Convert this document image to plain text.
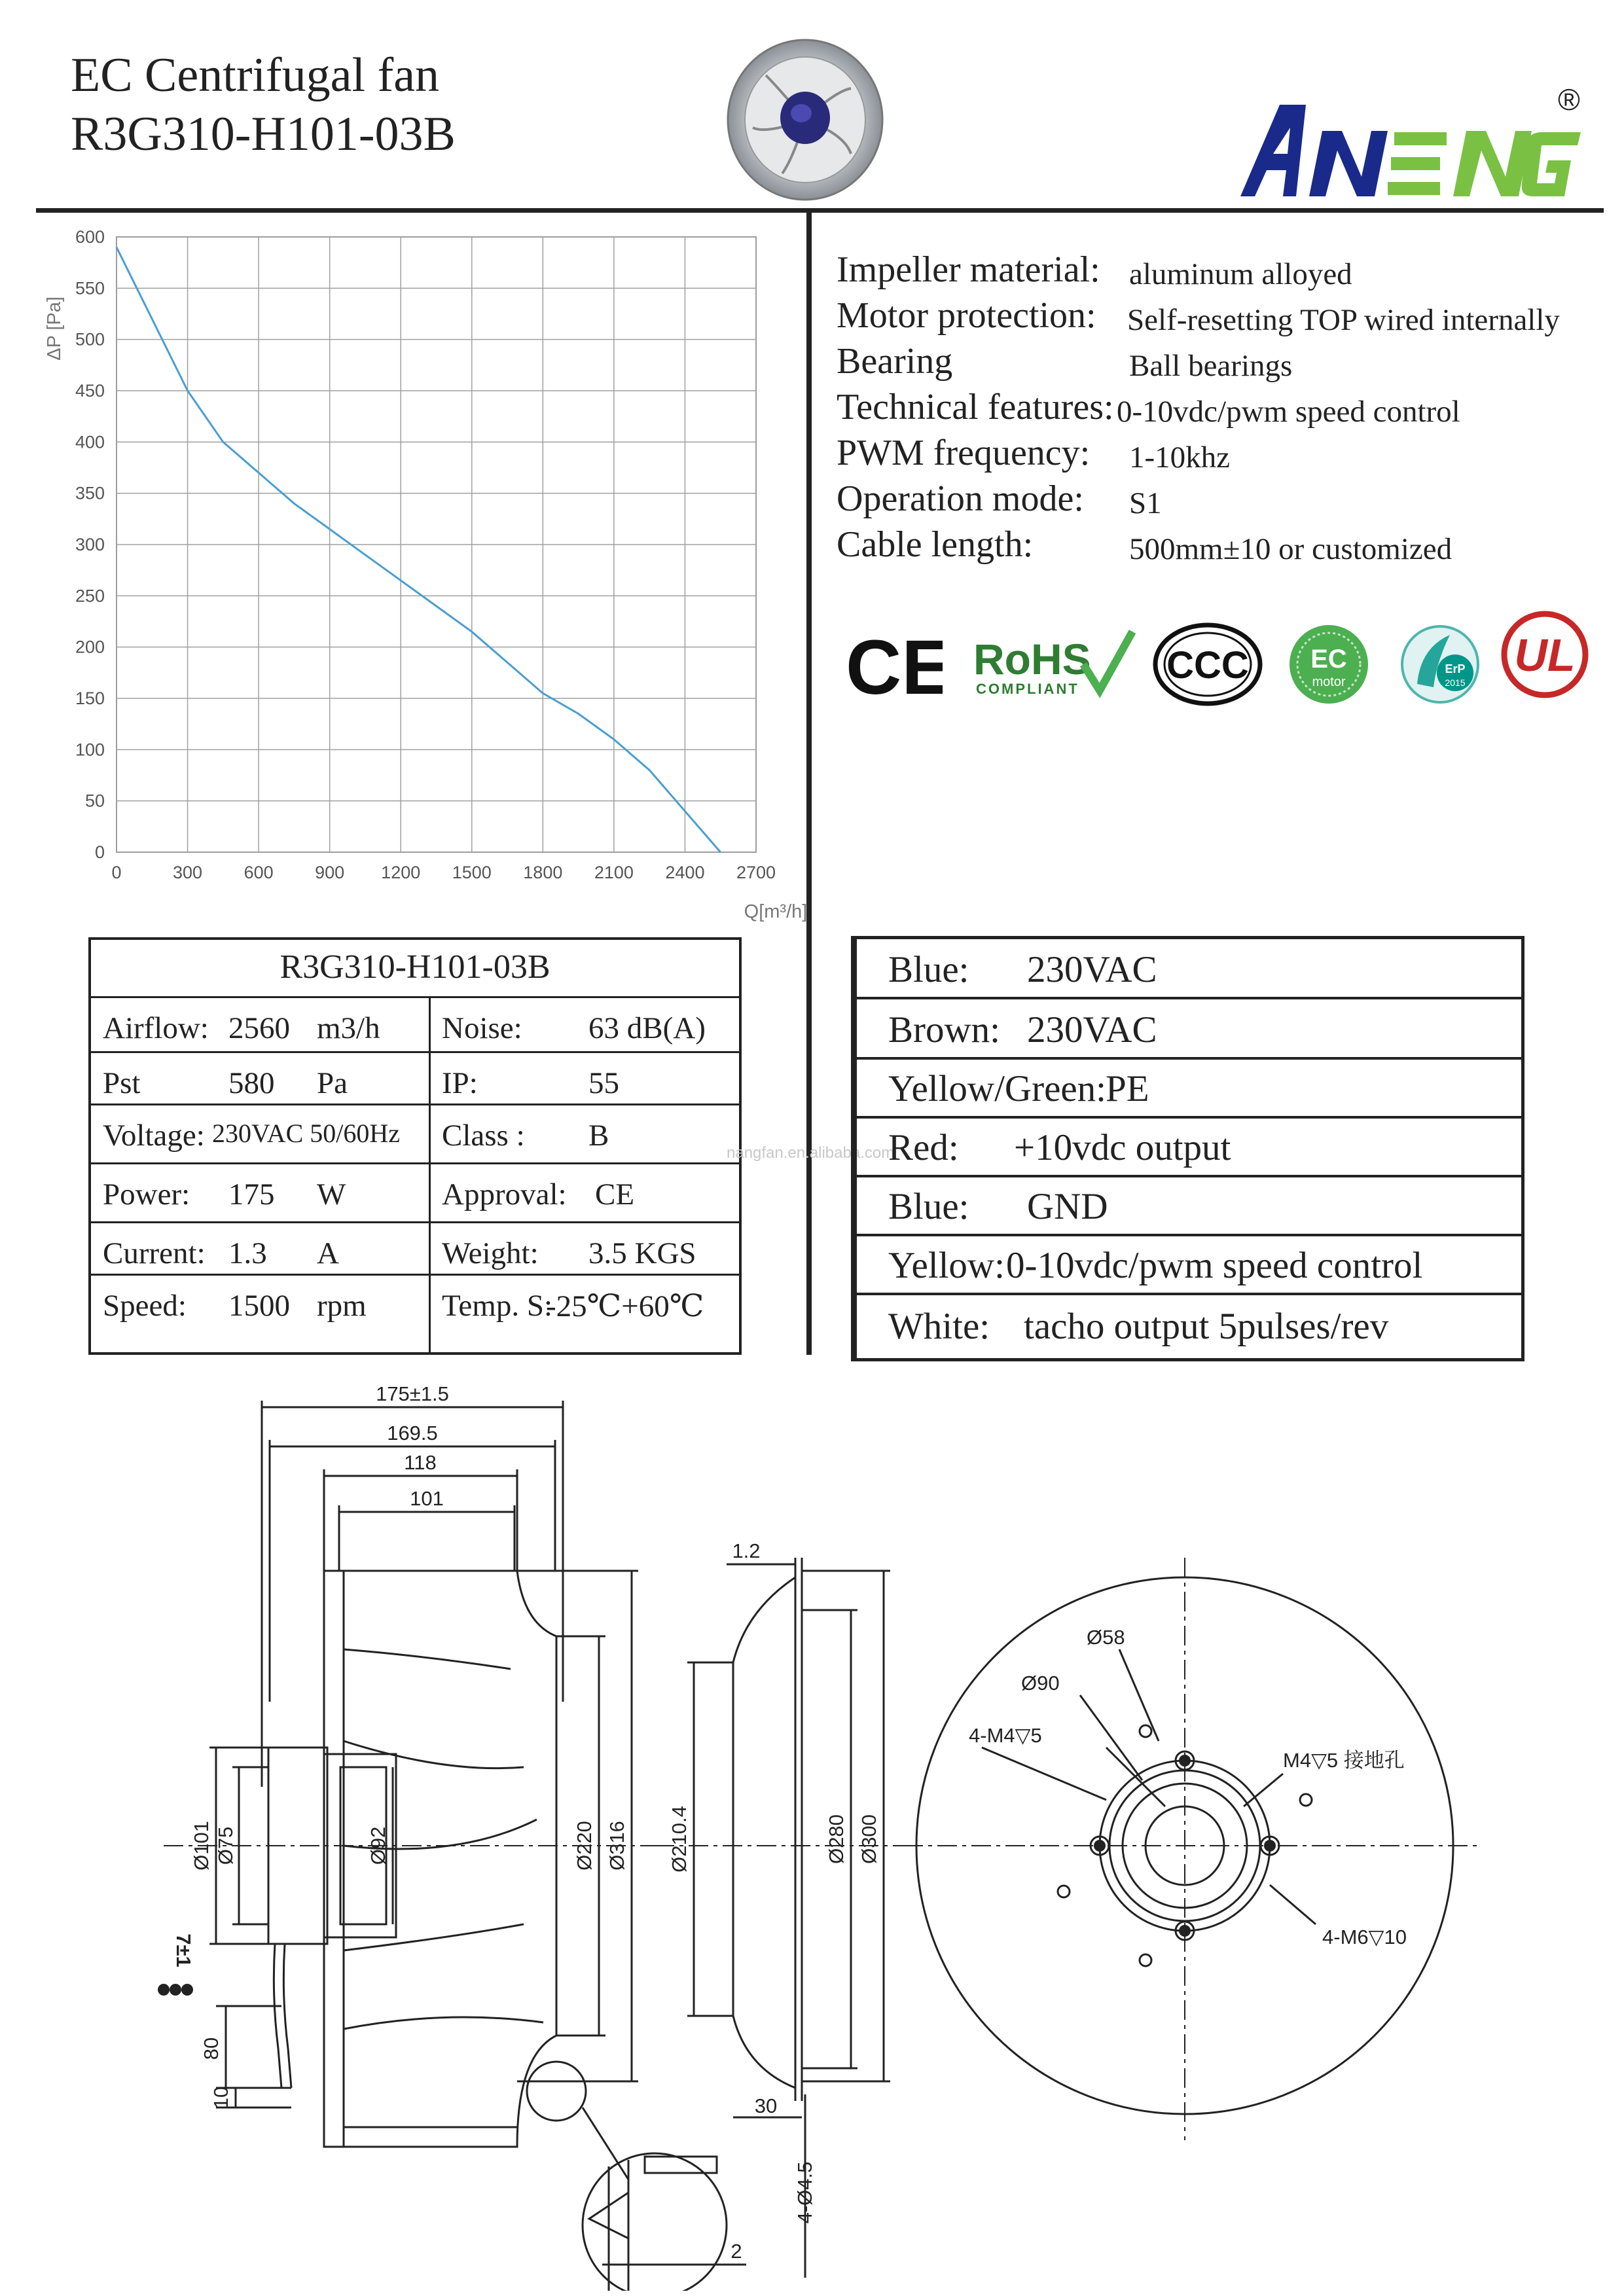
EC Centrifugal fan
R3G310-H101-03B
®
0	300 600 900 1200 1500 1800 2100 2400 2700
0
50
100
150
200
250
300
350
400
450
500
550
600
ΔP [Pa]
Q[m³/h]
Impeller material: aluminum alloyed
Motor protection: Self-resetting TOP wired internally
Bearing	Ball bearings
Technical features: 0-10vdc/pwm speed control
PWM frequency: 1-10khz
Operation mode: S1
Cable length:	500mm±10 or customized
CE RoHS
COMPLIANT
CCC EC
motor
ErP
2015
UL
R3G310-H101-03B
Airflow: 2560 m3/h Noise: 63 dB(A)
Pst	580 Pa	IP:	55
Voltage: 230VAC 50/60Hz Class : B
Power: 175 W	Approval: CE
Current: 1.3 A	Weight: 3.5 KGS
Speed: 1500 rpm Temp. S:
-25℃+60℃
nangfan.en.alibaba.com
Blue: 230VAC
Brown: 230VAC
Yellow/Green:
PE
Red: +10vdc output
Blue: GND
Yellow: 0-10vdc/pwm speed control
White: tacho output 5pulses/rev
175±1.5
169.5
118
101
Ø101 Ø75	Ø92	Ø220 Ø316
80
10
7±1
1.2
Ø210.4	Ø280 Ø300
30
4-Ø4.5
2
Ø58
Ø90
4-M4▽5
M4▽5 接地孔
4-M6▽10
